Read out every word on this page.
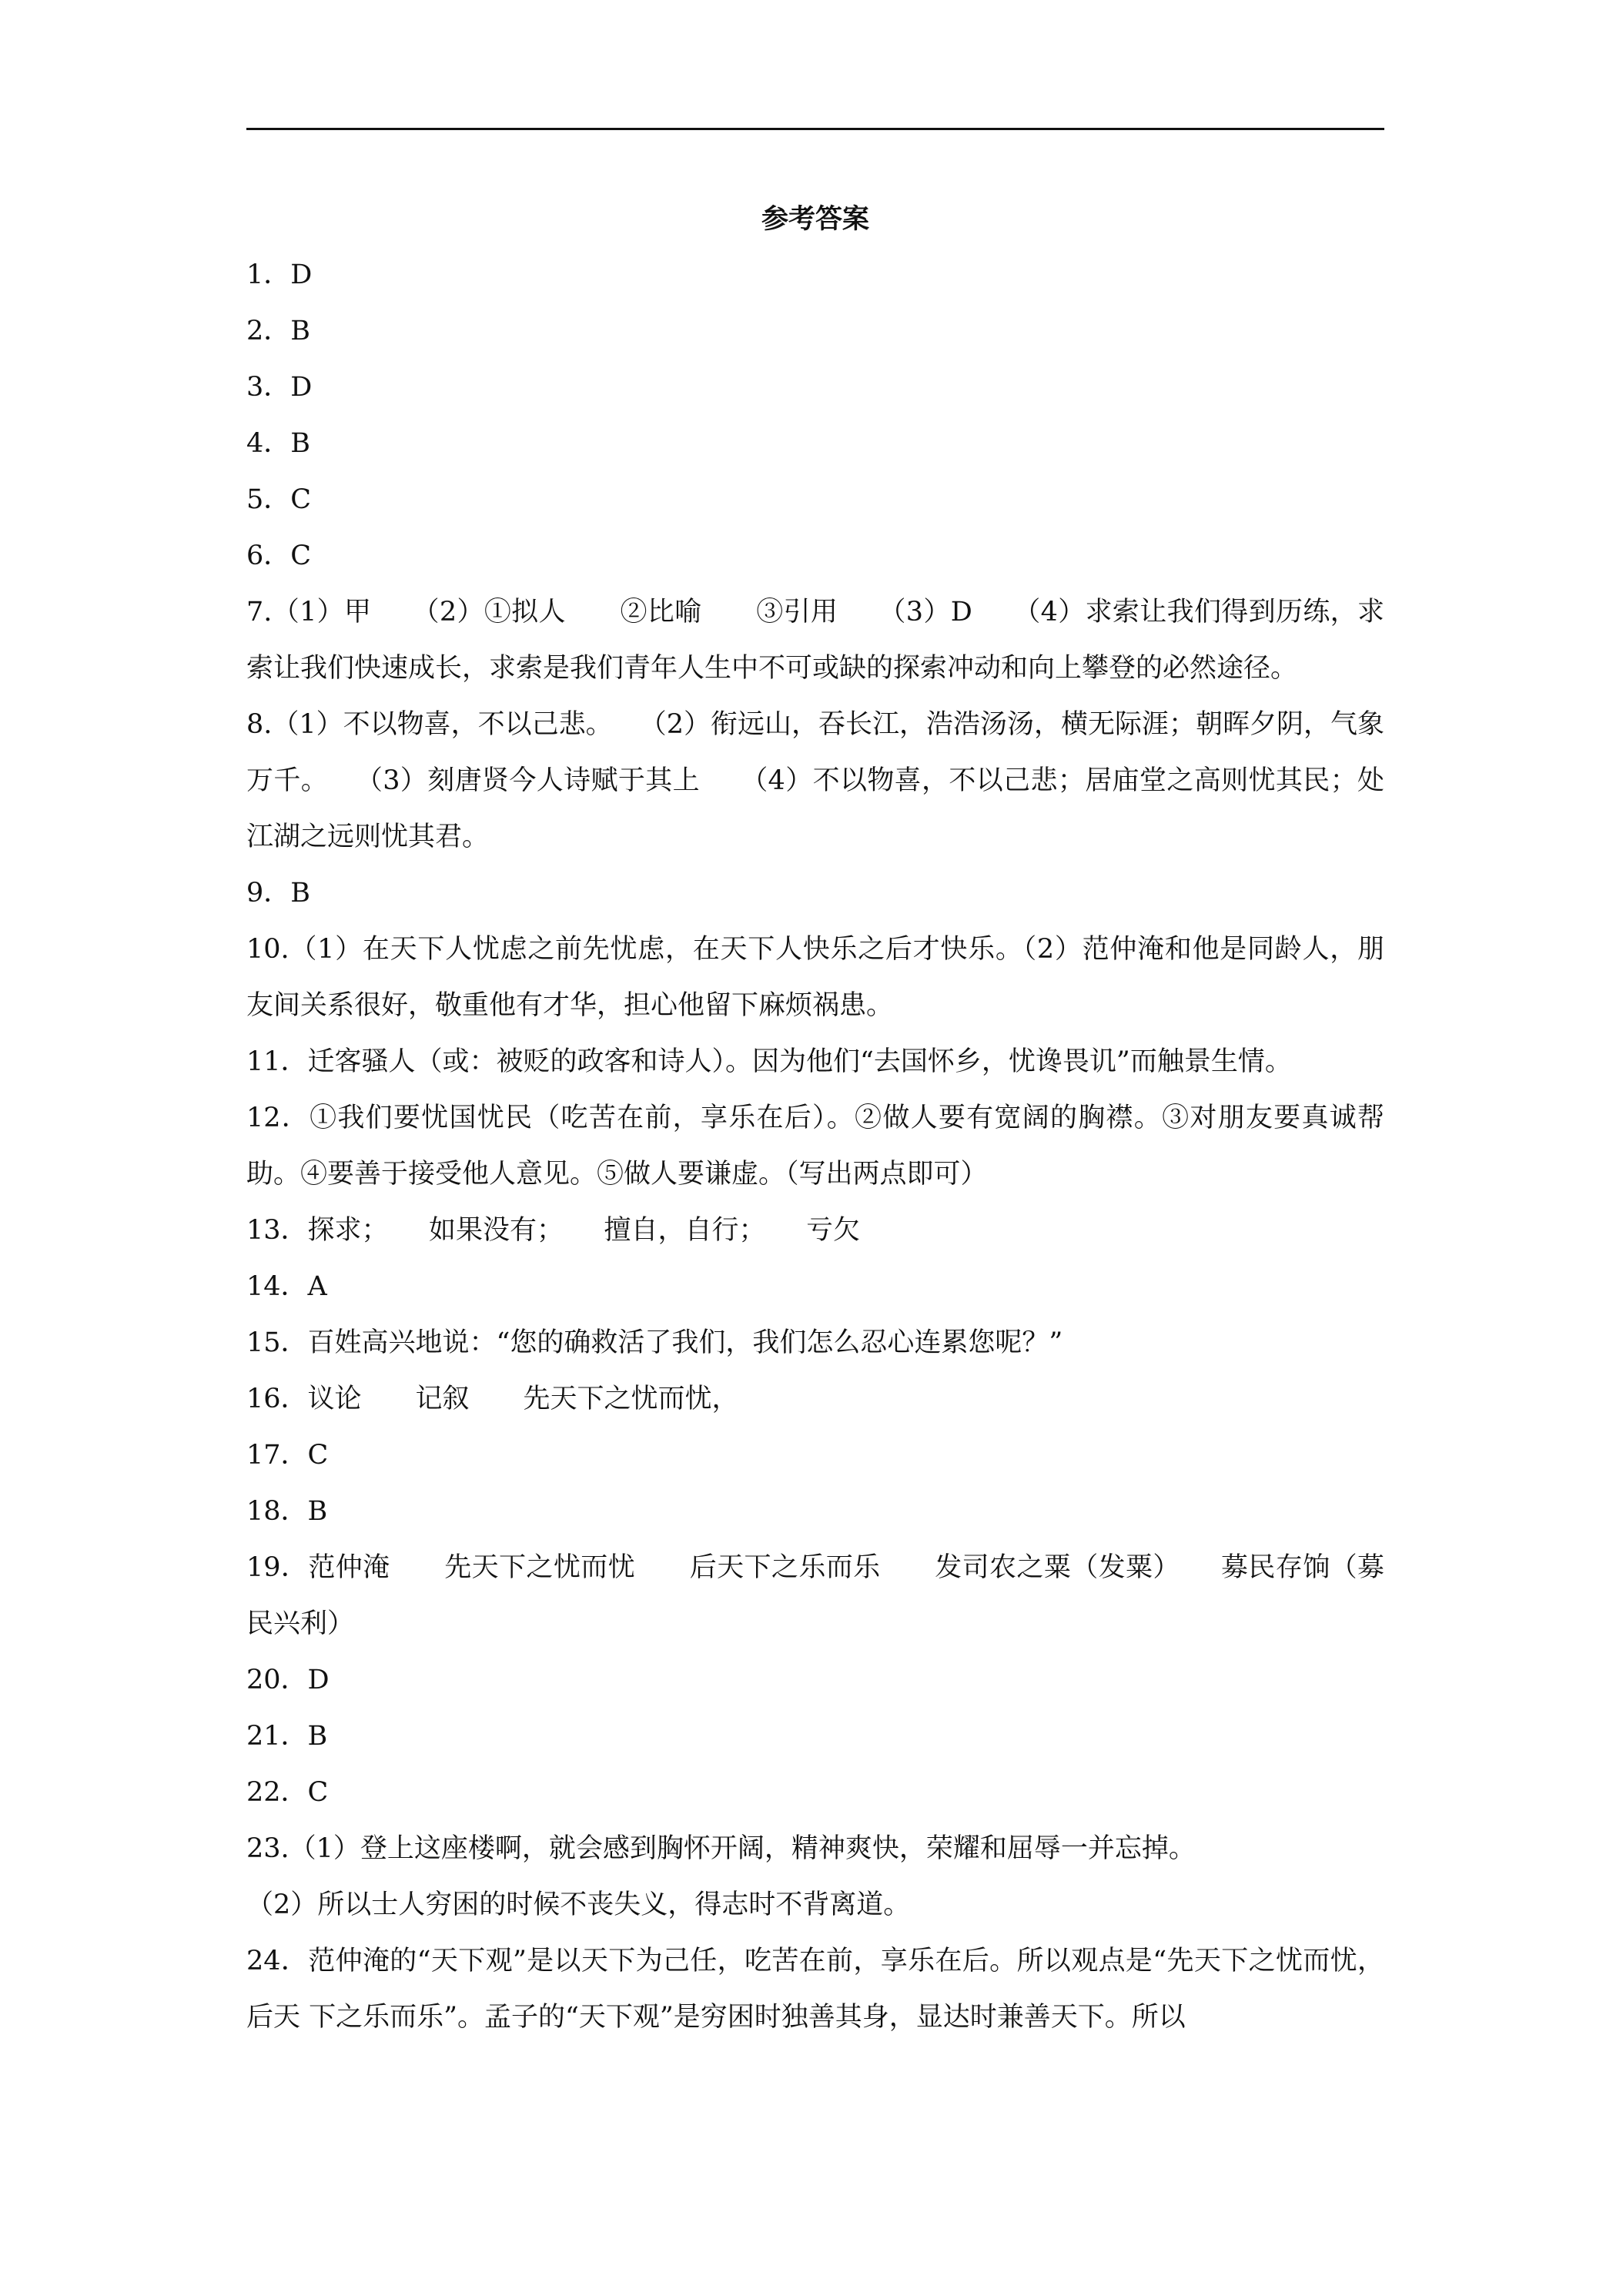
参考答案

1．D

2．B

3．D

4．B

5．C

6．C

7.（1）甲　　（2）①拟人　　②比喻　　③引用　　（3）D　　（4）求索让我们得到历练，求索让我们快速成长，求索是我们青年人生中不可或缺的探索冲动和向上攀登的必然途径。

8.（1）不以物喜，不以己悲。　　（2）衔远山，吞长江，浩浩汤汤，横无际涯；朝晖夕阴，气象万千。　　（3）刻唐贤今人诗赋于其上　　（4）不以物喜，不以己悲；居庙堂之高则忧其民；处江湖之远则忧其君。

9．B

10.（1）在天下人忧虑之前先忧虑，在天下人快乐之后才快乐。（2）范仲淹和他是同龄人，朋友间关系很好，敬重他有才华，担心他留下麻烦祸患。

11．迁客骚人（或：被贬的政客和诗人）。因为他们“去国怀乡，忧谗畏讥”而触景生情。

12．①我们要忧国忧民（吃苦在前，享乐在后）。②做人要有宽阔的胸襟。③对朋友要真诚帮助。④要善于接受他人意见。⑤做人要谦虚。（写出两点即可）

13．探求；　　如果没有；　　擅自，自行；　　亏欠

14．A

15．百姓高兴地说：“您的确救活了我们，我们怎么忍心连累您呢？”

16．议论　　记叙　　先天下之忧而忧，

17．C

18．B

19．范仲淹　　先天下之忧而忧　　后天下之乐而乐　　发司农之粟（发粟）　　募民存饷（募民兴利）

20．D

21．B

22．C

23.（1）登上这座楼啊，就会感到胸怀开阔，精神爽快，荣耀和屈辱一并忘掉。

（2）所以士人穷困的时候不丧失义，得志时不背离道。

24．范仲淹的“天下观”是以天下为己任，吃苦在前，享乐在后。所以观点是“先天下之忧而忧，后天 下之乐而乐”。孟子的“天下观”是穷困时独善其身，显达时兼善天下。所以
